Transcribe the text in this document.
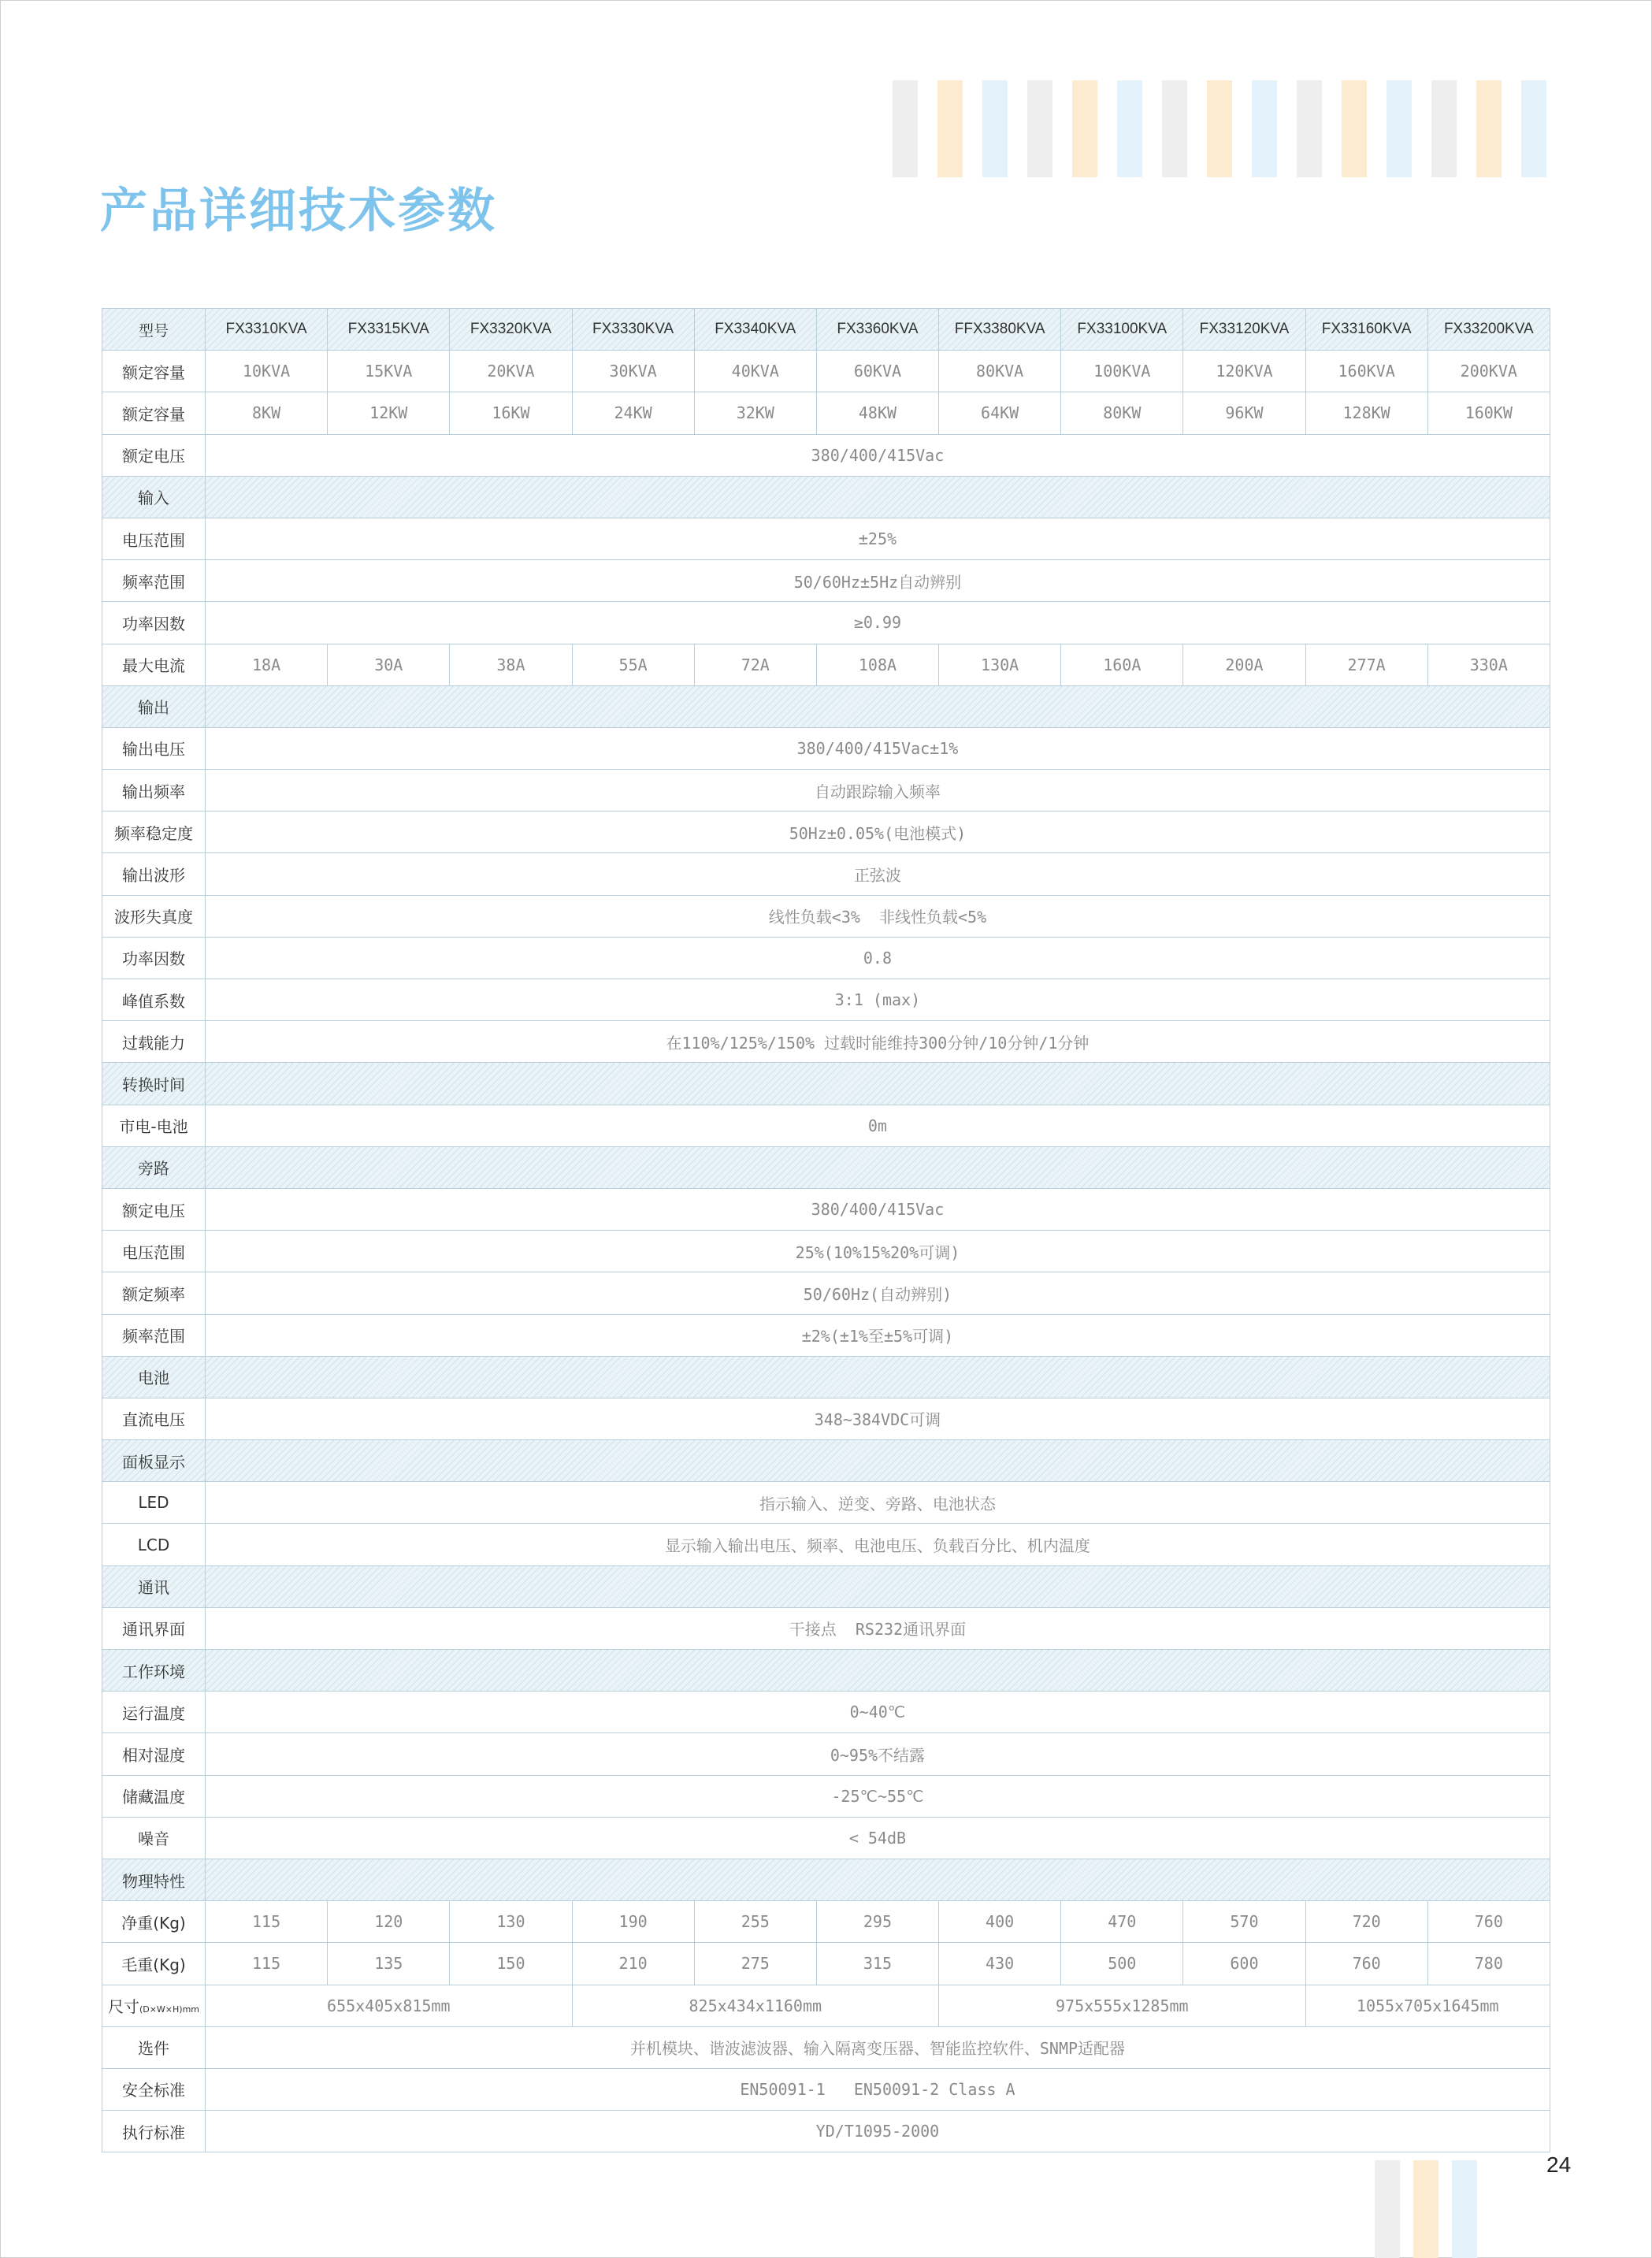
产品详细技术参数
型号	FX3310KVA	FX3315KVA	FX3320KVA	FX3330KVA	FX3340KVA	FX3360KVA	FFX3380KVA	FX33100KVA	FX33120KVA	FX33160KVA	FX33200KVA
额定容量	10KVA	15KVA	20KVA	30KVA	40KVA	60KVA	80KVA	100KVA	120KVA	160KVA	200KVA
额定容量	8KW	12KW	16KW	24KW	32KW	48KW	64KW	80KW	96KW	128KW	160KW
额定电压	380/400/415Vac										
输入											
电压范围	±25%										
频率范围	50/60Hz±5Hz自动辨别										
功率因数	≥0.99										
最大电流	18A	30A	38A	55A	72A	108A	130A	160A	200A	277A	330A
输出											
输出电压	380/400/415Vac±1%										
输出频率	自动跟踪输入频率										
频率稳定度	50Hz±0.05%(电池模式)										
输出波形	正弦波										
波形失真度	线性负载<3%  非线性负载<5%										
功率因数	0.8										
峰值系数	3:1 (max)										
过载能力	在110%/125%/150% 过载时能维持300分钟/10分钟/1分钟										
转换时间											
市电-电池	0m										
旁路											
额定电压	380/400/415Vac										
电压范围	25%(10%15%20%可调)										
额定频率	50/60Hz(自动辨别)										
频率范围	±2%(±1%至±5%可调)										
电池											
直流电压	348~384VDC可调										
面板显示											
LED	指示输入、逆变、旁路、电池状态										
LCD	显示输入输出电压、频率、电池电压、负载百分比、机内温度										
通讯											
通讯界面	干接点  RS232通讯界面										
工作环境											
运行温度	0~40℃										
相对湿度	0~95%不结露										
储藏温度	-25℃~55℃										
噪音	< 54dB										
物理特性											
净重(Kg)	115	120	130	190	255	295	400	470	570	720	760
毛重(Kg)	115	135	150	210	275	315	430	500	600	760	780
尺寸(D×W×H)mm	655x405x815mm			825x434x1160mm			975x555x1285mm			1055x705x1645mm	
选件	并机模块、谐波滤波器、输入隔离变压器、智能监控软件、SNMP适配器										
安全标准	EN50091-1   EN50091-2 Class A										
执行标准	YD/T1095-2000										
24
